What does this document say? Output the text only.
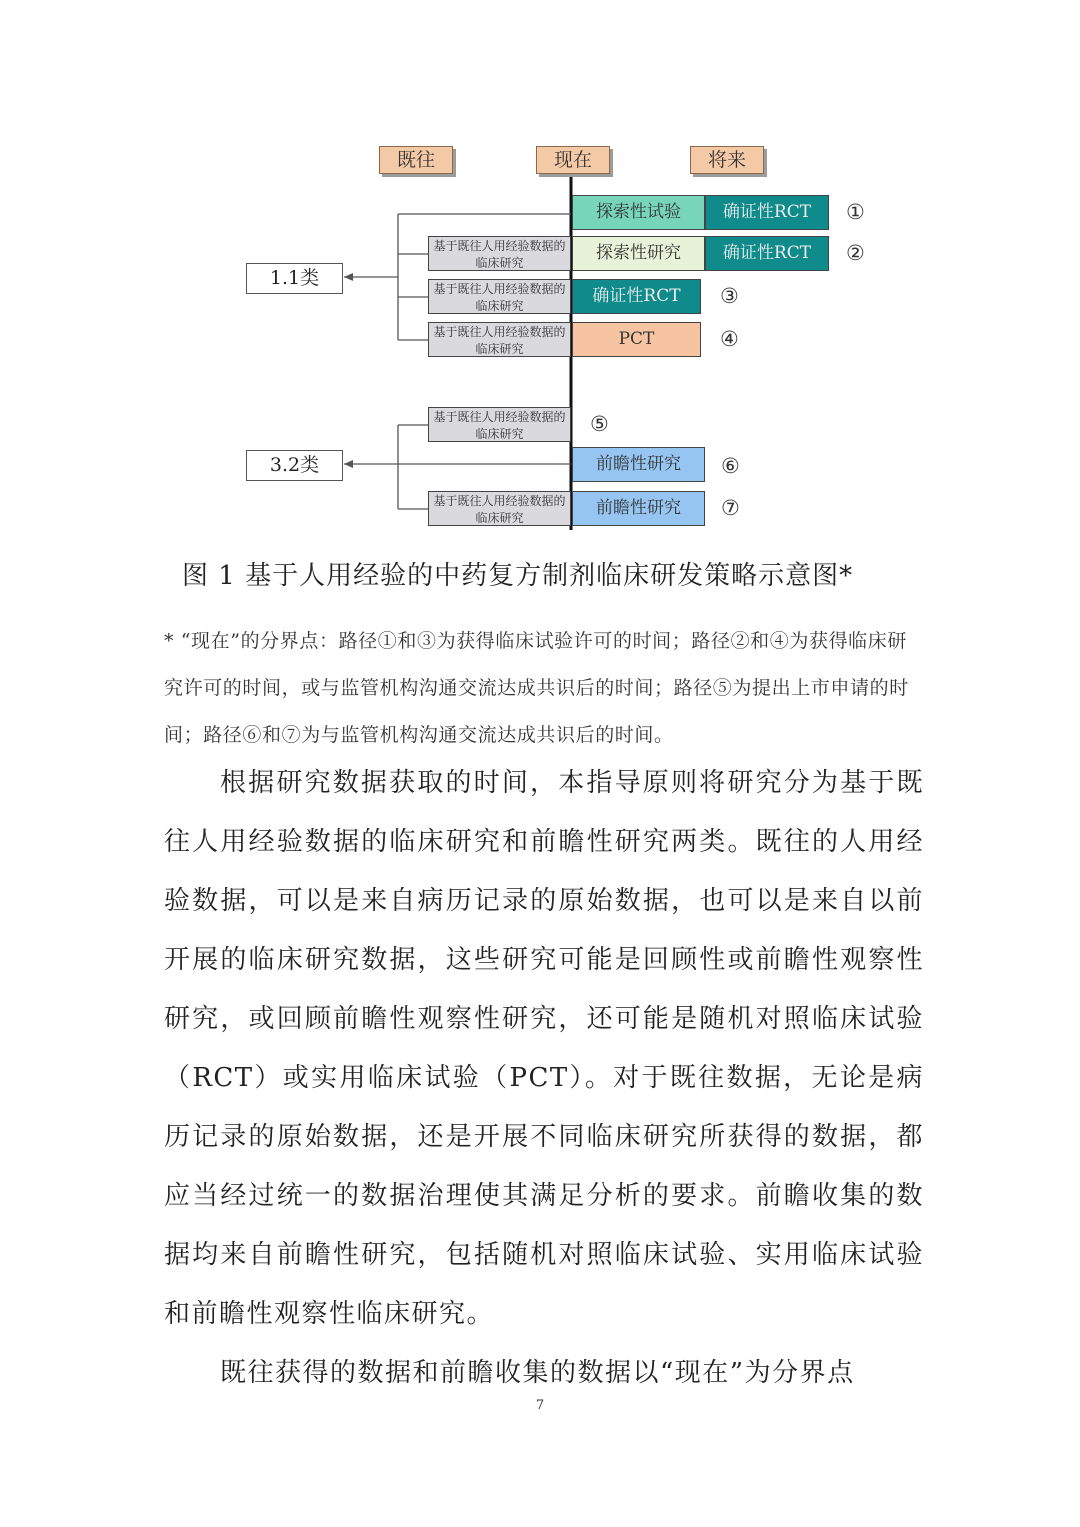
既往	现在	将来
1.1类
3.2类
探索性试验	确证性RCT	①
基于既往人用经验数据的临床研究	探索性研究	确证性RCT	②
基于既往人用经验数据的临床研究	确证性RCT	③
基于既往人用经验数据的临床研究	PCT	④
基于既往人用经验数据的临床研究	⑤
前瞻性研究	⑥
基于既往人用经验数据的临床研究	前瞻性研究	⑦
图 1 基于人用经验的中药复方制剂临床研发策略示意图*
* “现在”的分界点：路径①和③为获得临床试验许可的时间；路径②和④为获得临床研究许可的时间，或与监管机构沟通交流达成共识后的时间；路径⑤为提出上市申请的时间；路径⑥和⑦为与监管机构沟通交流达成共识后的时间。

根据研究数据获取的时间，本指导原则将研究分为基于既往人用经验数据的临床研究和前瞻性研究两类。既往的人用经验数据，可以是来自病历记录的原始数据，也可以是来自以前开展的临床研究数据，这些研究可能是回顾性或前瞻性观察性研究，或回顾前瞻性观察性研究，还可能是随机对照临床试验（RCT）或实用临床试验（PCT）。对于既往数据，无论是病历记录的原始数据，还是开展不同临床研究所获得的数据，都应当经过统一的数据治理使其满足分析的要求。前瞻收集的数据均来自前瞻性研究，包括随机对照临床试验、实用临床试验和前瞻性观察性临床研究。

既往获得的数据和前瞻收集的数据以“现在”为分界点

7
